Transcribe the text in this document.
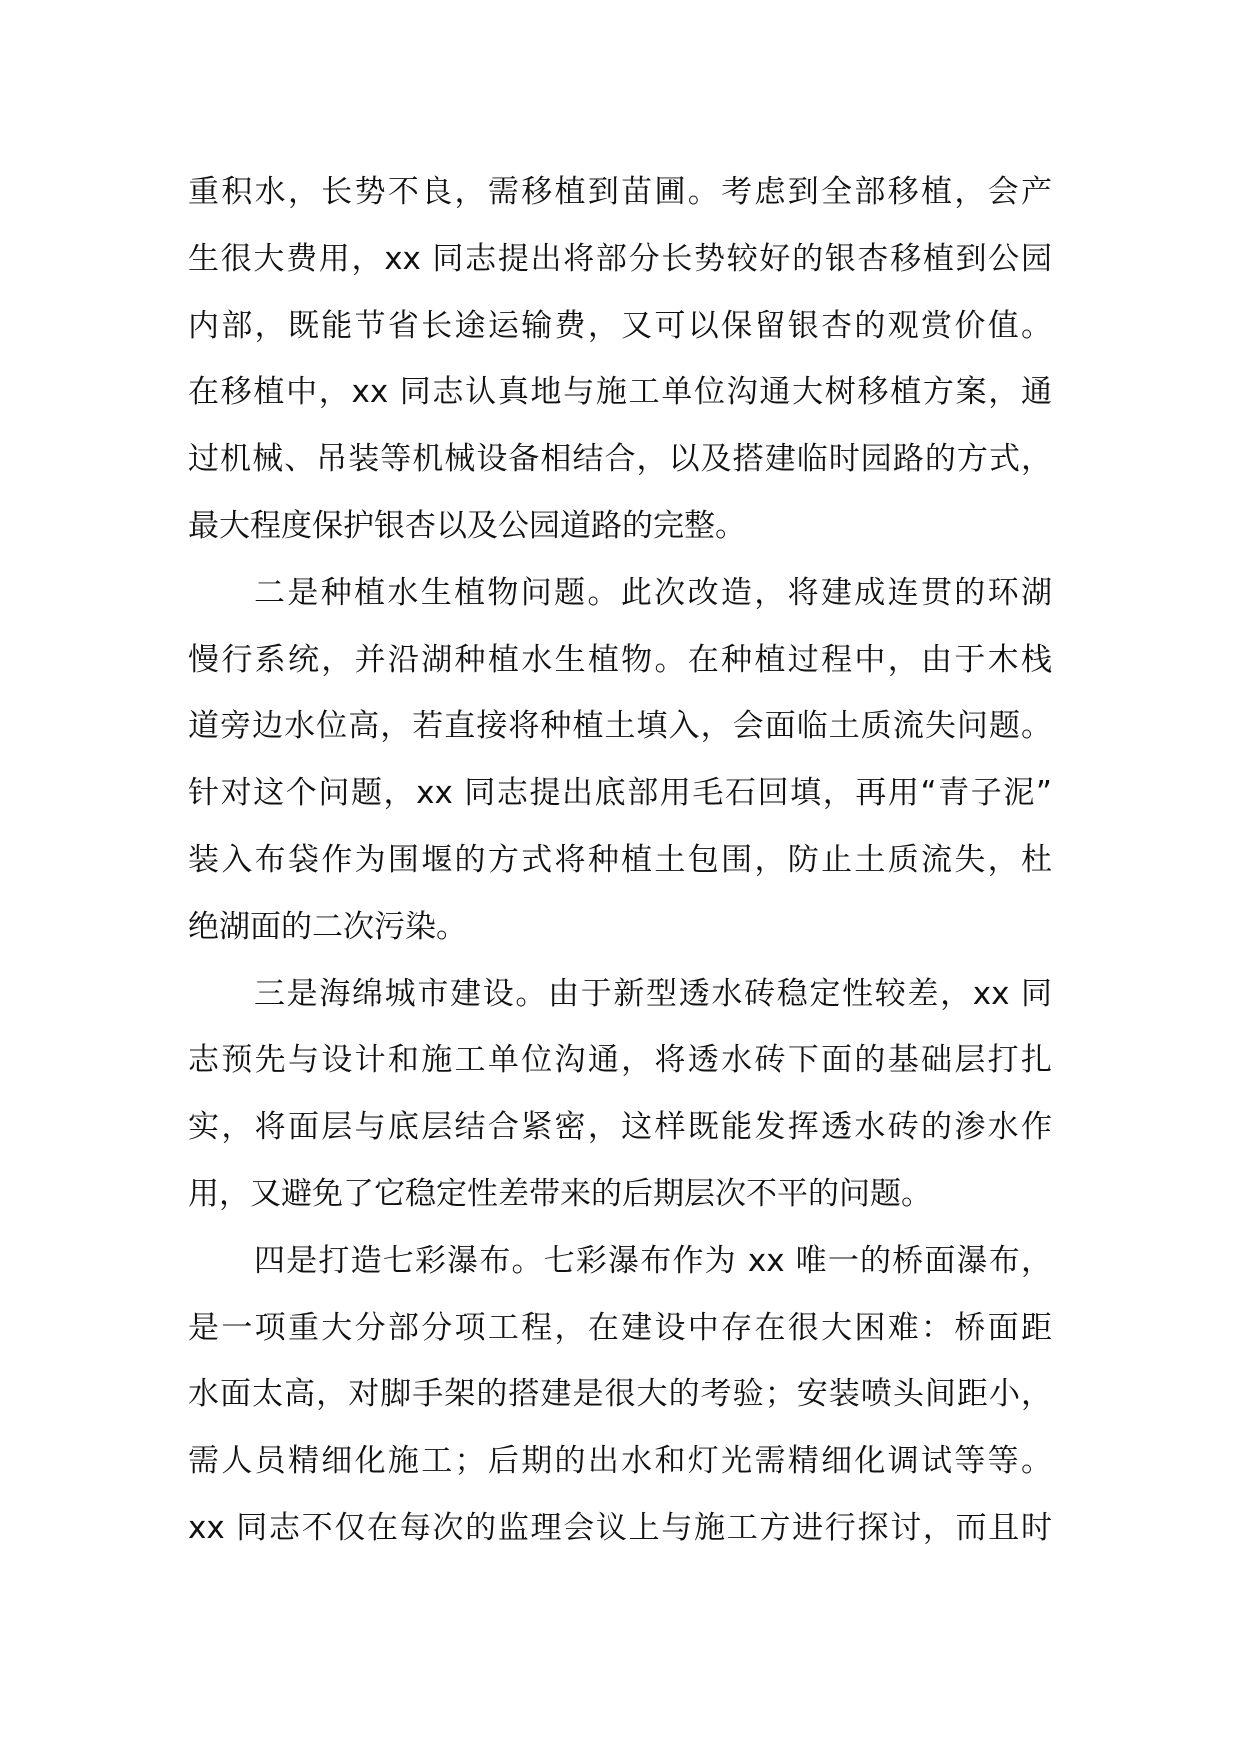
重积水，长势不良，需移植到苗圃。考虑到全部移植，会产
生很大费用，xx 同志提出将部分长势较好的银杏移植到公园
内部，既能节省长途运输费，又可以保留银杏的观赏价值。
在移植中，xx 同志认真地与施工单位沟通大树移植方案，通
过机械、吊装等机械设备相结合，以及搭建临时园路的方式，
最大程度保护银杏以及公园道路的完整。
二是种植水生植物问题。此次改造，将建成连贯的环湖
慢行系统，并沿湖种植水生植物。在种植过程中，由于木栈
道旁边水位高，若直接将种植土填入，会面临土质流失问题。
针对这个问题，xx 同志提出底部用毛石回填，再用“青子泥”
装入布袋作为围堰的方式将种植土包围，防止土质流失，杜
绝湖面的二次污染。
三是海绵城市建设。由于新型透水砖稳定性较差，xx 同
志预先与设计和施工单位沟通，将透水砖下面的基础层打扎
实，将面层与底层结合紧密，这样既能发挥透水砖的渗水作
用，又避免了它稳定性差带来的后期层次不平的问题。
四是打造七彩瀑布。七彩瀑布作为 xx 唯一的桥面瀑布，
是一项重大分部分项工程，在建设中存在很大困难：桥面距
水面太高，对脚手架的搭建是很大的考验；安装喷头间距小，
需人员精细化施工；后期的出水和灯光需精细化调试等等。
xx 同志不仅在每次的监理会议上与施工方进行探讨，而且时
